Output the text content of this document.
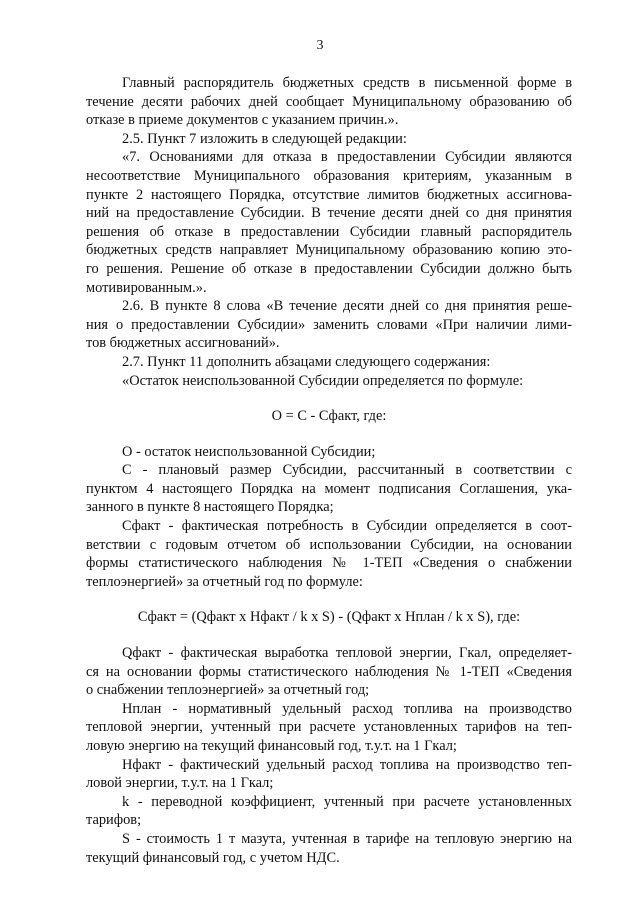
3
Главный распорядитель бюджетных средств в письменной форме в
течение десяти рабочих дней сообщает Муниципальному образованию об
отказе в приеме документов с указанием причин.».
2.5. Пункт 7 изложить в следующей редакции:
«7. Основаниями для отказа в предоставлении Субсидии являются
несоответствие Муниципального образования критериям, указанным в
пункте 2 настоящего Порядка, отсутствие лимитов бюджетных ассигнова-
ний на предоставление Субсидии. В течение десяти дней со дня принятия
решения об отказе в предоставлении Субсидии главный распорядитель
бюджетных средств направляет Муниципальному образованию копию это-
го решения. Решение об отказе в предоставлении Субсидии должно быть
мотивированным.».
2.6. В пункте 8 слова «В течение десяти дней со дня принятия реше-
ния о предоставлении Субсидии» заменить словами «При наличии лими-
тов бюджетных ассигнований».
2.7. Пункт 11 дополнить абзацами следующего содержания:
«Остаток неиспользованной Субсидии определяется по формуле:
О = С - Сфакт, где:
О - остаток неиспользованной Субсидии;
С - плановый размер Субсидии, рассчитанный в соответствии с
пунктом 4 настоящего Порядка на момент подписания Соглашения, ука-
занного в пункте 8 настоящего Порядка;
Сфакт - фактическая потребность в Субсидии определяется в соот-
ветствии с годовым отчетом об использовании Субсидии, на основании
формы статистического наблюдения № 1-ТЕП «Сведения о снабжении
теплоэнергией» за отчетный год по формуле:
Сфакт = (Qфакт x Нфакт / k x S) - (Qфакт x Нплан / k x S), где:
Qфакт - фактическая выработка тепловой энергии, Гкал, определяет-
ся на основании формы статистического наблюдения № 1-ТЕП «Сведения
о снабжении теплоэнергией» за отчетный год;
Нплан - нормативный удельный расход топлива на производство
тепловой энергии, учтенный при расчете установленных тарифов на теп-
ловую энергию на текущий финансовый год, т.у.т. на 1 Гкал;
Нфакт - фактический удельный расход топлива на производство теп-
ловой энергии, т.у.т. на 1 Гкал;
k - переводной коэффициент, учтенный при расчете установленных
тарифов;
S - стоимость 1 т мазута, учтенная в тарифе на тепловую энергию на
текущий финансовый год, с учетом НДС.
